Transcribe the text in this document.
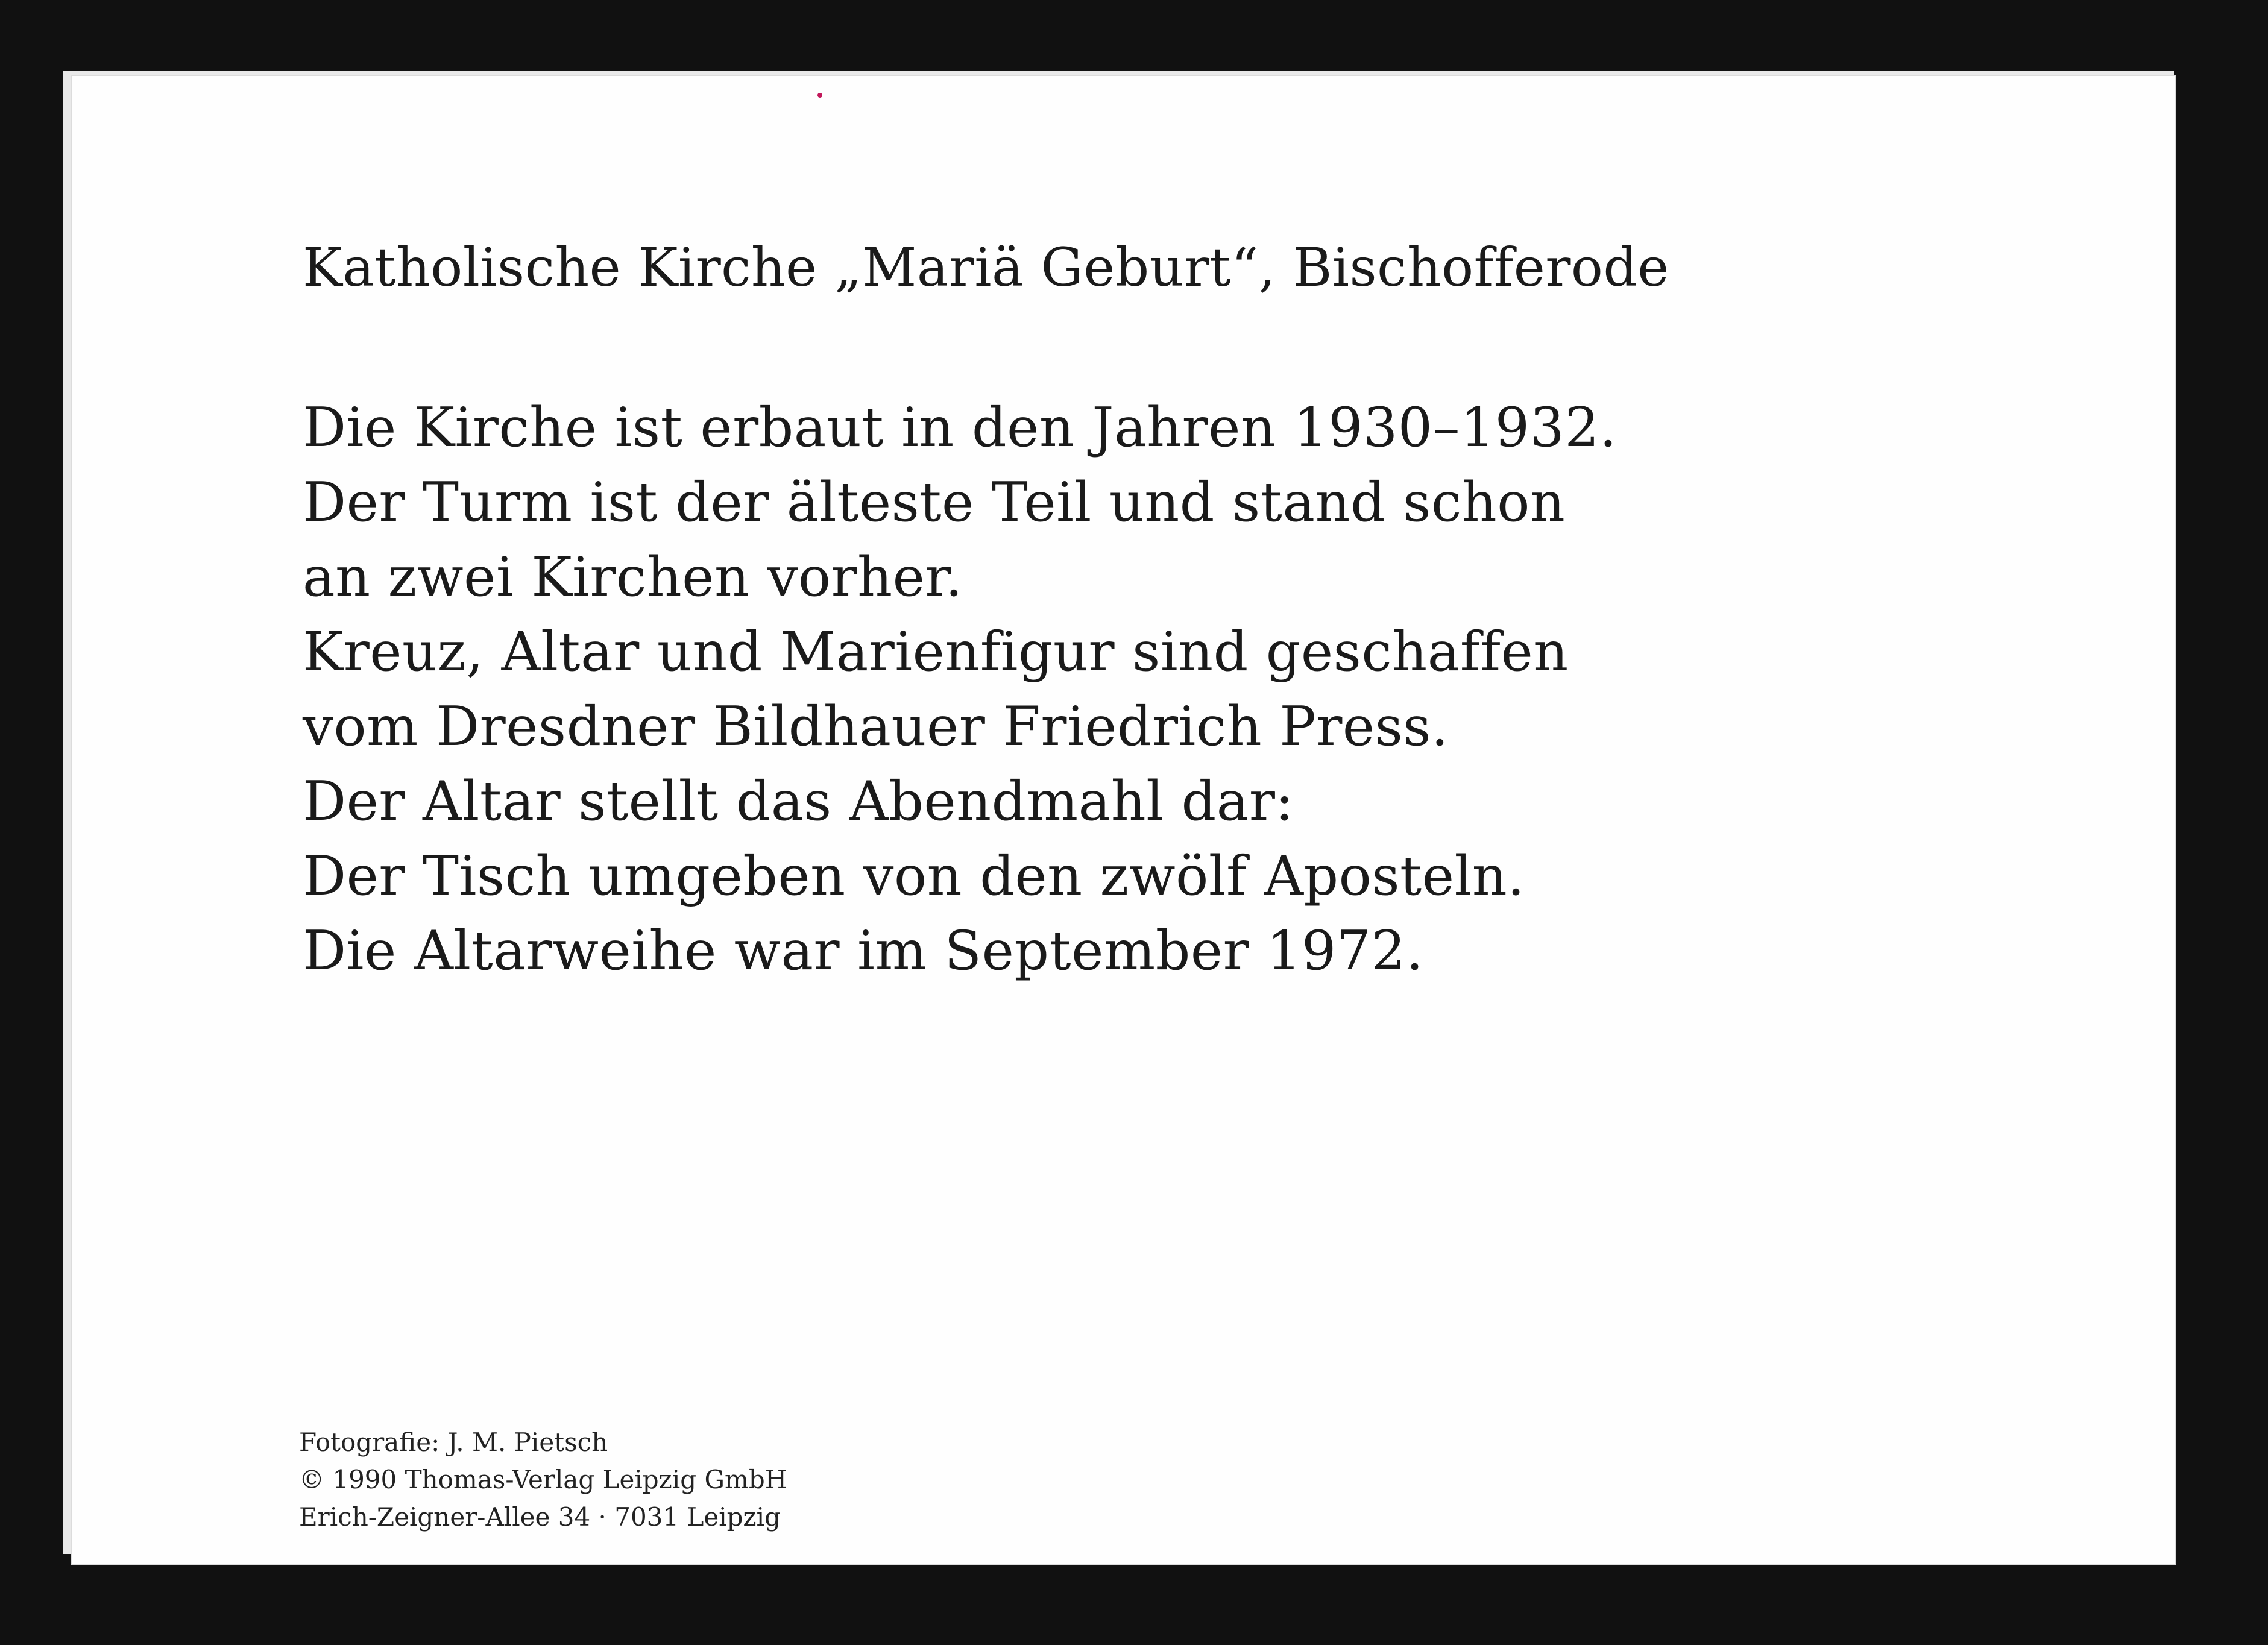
Katholische Kirche „Mariä Geburt“, Bischofferode
Die Kirche ist erbaut in den Jahren 1930–1932.
Der Turm ist der älteste Teil und stand schon
an zwei Kirchen vorher.
Kreuz, Altar und Marienfigur sind geschaffen
vom Dresdner Bildhauer Friedrich Press.
Der Altar stellt das Abendmahl dar:
Der Tisch umgeben von den zwölf Aposteln.
Die Altarweihe war im September 1972.
Fotografie: J. M. Pietsch
© 1990 Thomas-Verlag Leipzig GmbH
Erich-Zeigner-Allee 34 · 7031 Leipzig
